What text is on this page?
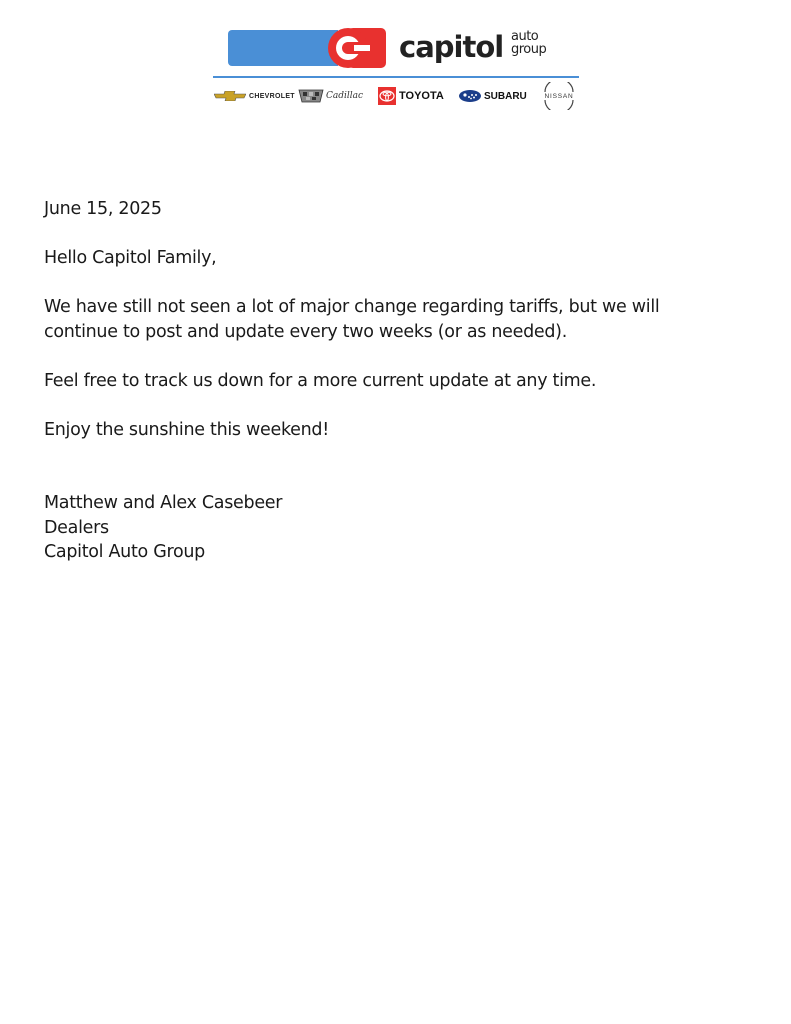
capitol auto
group
CHEVROLET	Cadillac	TOYOTA	SUBARU	NISSAN

June 15, 2025

Hello Capitol Family,

We have still not seen a lot of major change regarding tariffs, but we will

continue to post and update every two weeks (or as needed).

Feel free to track us down for a more current update at any time.

Enjoy the sunshine this weekend!

Matthew and Alex Casebeer

Dealers

Capitol Auto Group
